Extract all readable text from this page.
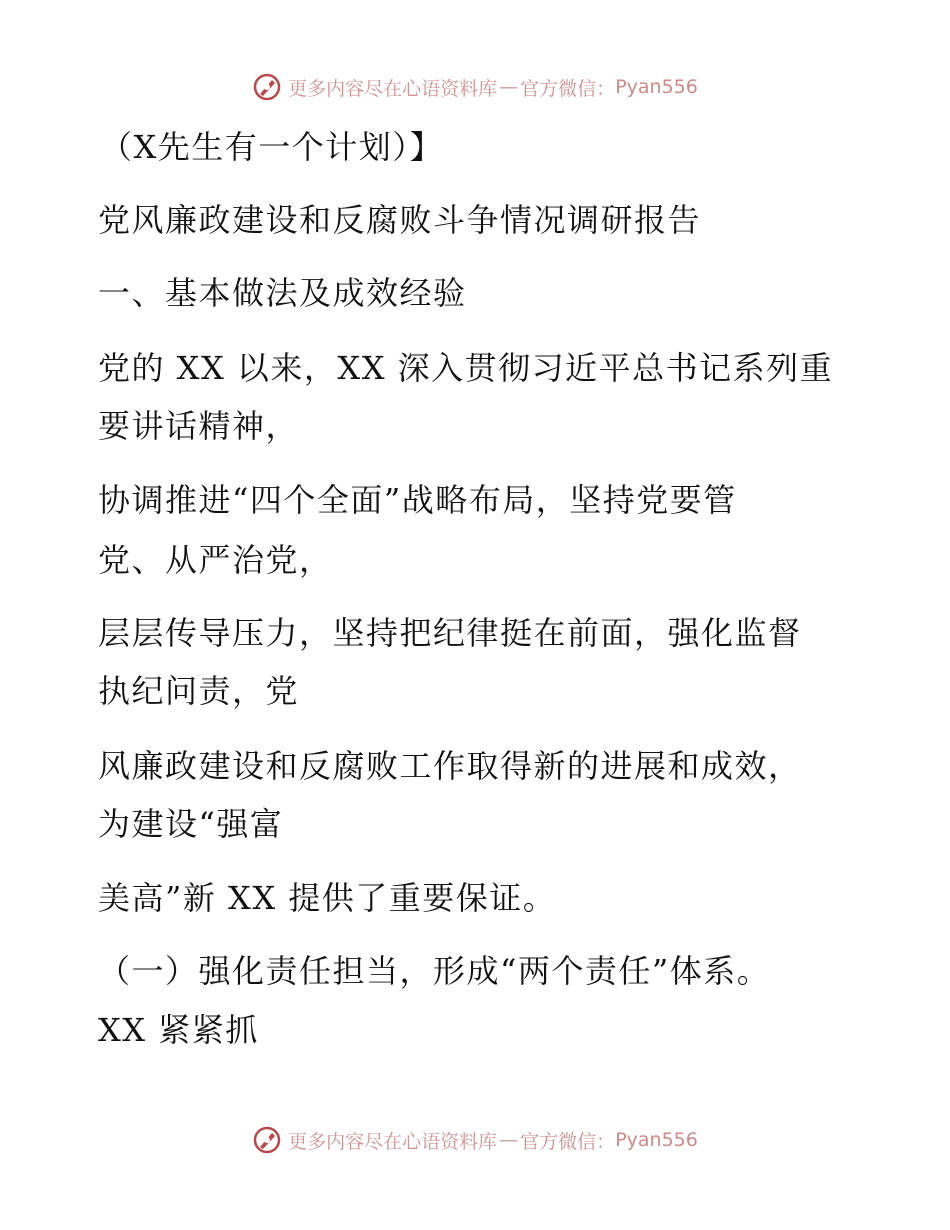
更多内容尽在心语资料库 — 官方微信： Pyan556
（X先生有一个计划）】
党风廉政建设和反腐败斗争情况调研报告
一、基本做法及成效经验
党的 XX 以来，XX 深入贯彻习近平总书记系列重
要讲话精神，
协调推进“四个全面”战略布局，坚持党要管
党、从严治党，
层层传导压力，坚持把纪律挺在前面，强化监督
执纪问责，党
风廉政建设和反腐败工作取得新的进展和成效，
为建设“强富
美高”新 XX 提供了重要保证。
（一）强化责任担当，形成“两个责任”体系。
XX 紧紧抓
更多内容尽在心语资料库 — 官方微信： Pyan556
